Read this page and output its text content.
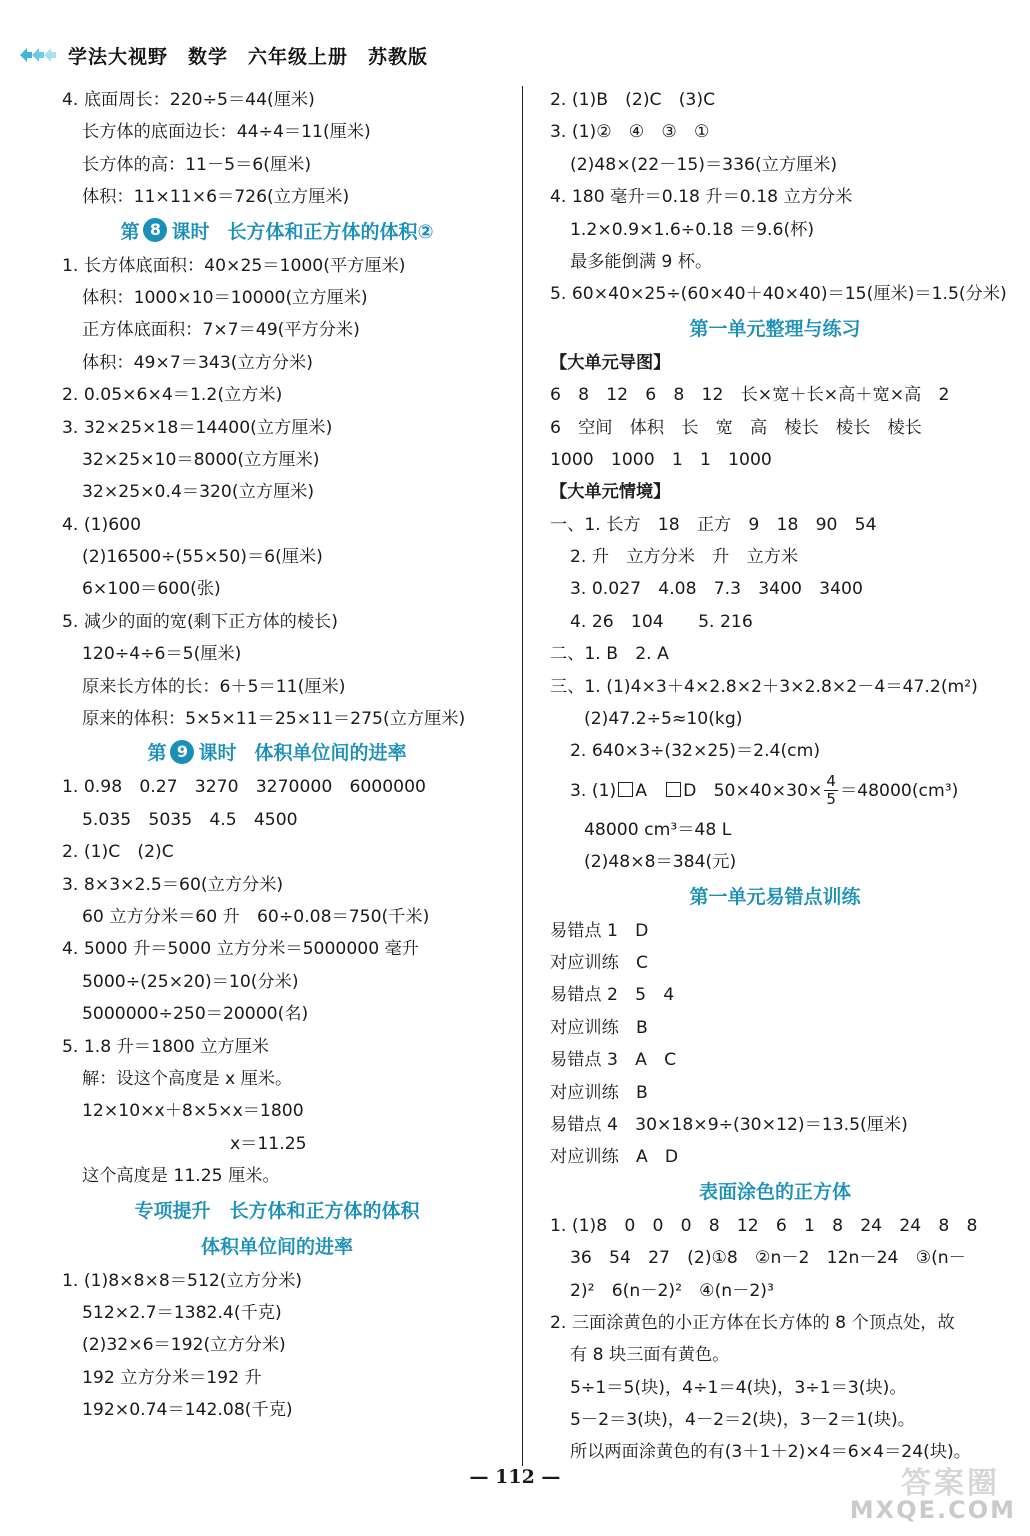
学法大视野　数学　六年级上册　苏教版
4. 底面周长：220÷5＝44(厘米)
长方体的底面边长：44÷4＝11(厘米)
长方体的高：11－5＝6(厘米)
体积：11×11×6＝726(立方厘米)
第 8 课时 长方体和正方体的体积②
1. 长方体底面积：40×25＝1000(平方厘米)
体积：1000×10＝10000(立方厘米)
正方体底面积：7×7＝49(平方分米)
体积：49×7＝343(立方分米)
2. 0.05×6×4＝1.2(立方米)
3. 32×25×18＝14400(立方厘米)
32×25×10＝8000(立方厘米)
32×25×0.4＝320(立方厘米)
4. (1)600
(2)16500÷(55×50)＝6(厘米)
6×100＝600(张)
5. 减少的面的宽(剩下正方体的棱长)
120÷4÷6＝5(厘米)
原来长方体的长：6＋5＝11(厘米)
原来的体积：5×5×11＝25×11＝275(立方厘米)
第 9 课时 体积单位间的进率
1. 0.98　0.27　3270　3270000　6000000
5.035　5035　4.5　4500
2. (1)C　(2)C
3. 8×3×2.5＝60(立方分米)
60 立方分米＝60 升　60÷0.08＝750(千米)
4. 5000 升＝5000 立方分米＝5000000 毫升
5000÷(25×20)＝10(分米)
5000000÷250＝20000(名)
5. 1.8 升＝1800 立方厘米
解：设这个高度是 x 厘米。
12×10×x＋8×5×x＝1800
x＝11.25
这个高度是 11.25 厘米。
专项提升　长方体和正方体的体积
体积单位间的进率
1. (1)8×8×8＝512(立方分米)
512×2.7＝1382.4(千克)
(2)32×6＝192(立方分米)
192 立方分米＝192 升
192×0.74＝142.08(千克)
2. (1)B　(2)C　(3)C
3. (1)②　④　③　①
(2)48×(22－15)＝336(立方厘米)
4. 180 毫升＝0.18 升＝0.18 立方分米
1.2×0.9×1.6÷0.18 ＝9.6(杯)
最多能倒满 9 杯。
5. 60×40×25÷(60×40＋40×40)＝15(厘米)＝1.5(分米)
第一单元整理与练习
【大单元导图】
6　8　12　6　8　12　长×宽＋长×高＋宽×高　2
6　空间　体积　长　宽　高　棱长　棱长　棱长
1000　1000　1　1　1000
【大单元情境】
一、1. 长方　18　正方　9　18　90　54
2. 升　立方分米　升　立方米
3. 0.027　4.08　7.3　3400　3400
4. 26　104　　5. 216
二、1. B　2. A
三、1. (1)4×3＋4×2.8×2＋3×2.8×2－4＝47.2(m²)
(2)47.2÷5≈10(kg)
2. 640×3÷(32×25)＝2.4(cm)
3. (1) A　D　$50\times 40\times 30\times \frac{4}{5} =48000(cm^3)$
48000 cm³＝48 L
(2)48×8＝384(元)
第一单元易错点训练
易错点 1　D
对应训练　C
易错点 2　5　4
对应训练　B
易错点 3　A　C
对应训练　B
易错点 4　30×18×9÷(30×12)＝13.5(厘米)
对应训练　A　D
表面涂色的正方体
1. (1)8　0　0　0　8　12　6　1　8　24　24　8　8
36　54　27　(2)①8　②n－2　12n－24　③(n－
2)²　6(n－2)²　④(n－2)³
2. 三面涂黄色的小正方体在长方体的 8 个顶点处，故
有 8 块三面有黄色。
5÷1＝5(块)，4÷1＝4(块)，3÷1＝3(块)。
5－2＝3(块)，4－2＝2(块)，3－2＝1(块)。
所以两面涂黄色的有(3＋1＋2)×4＝6×4＝24(块)。
— 112 —	答案圈
MXQE.COM
